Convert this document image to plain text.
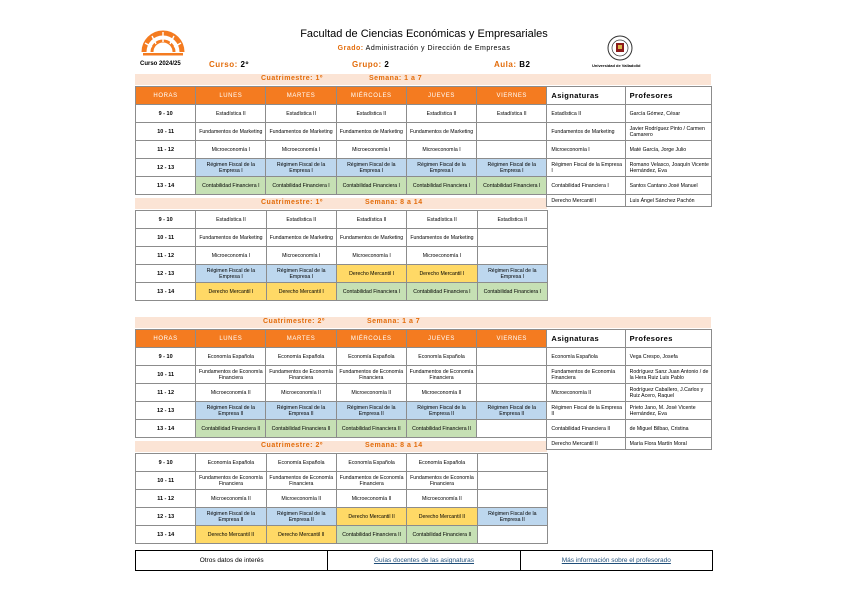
Curso 2024/25
Facultad de Ciencias Económicas y Empresariales
Grado: Administración y Dirección de Empresas
Curso: 2º	Grupo: 2	Aula: B2	Universidad de Valladolid
Cuatrimestre: 1º	Semana: 1 a 7
Cuatrimestre: 1º	Semana: 8 a 14
Cuatrimestre: 2º	Semana: 1 a 7
Cuatrimestre: 2º	Semana: 8 a 14
HORAS	LUNES	MARTES	MIÉRCOLES	JUEVES	VIERNES	Asignaturas	Profesores
9 - 10	Estadística II	Estadística II	Estadística II	Estadística II	Estadística II	Estadística II	García Gómez, César
10 - 11	Fundamentos de Marketing	Fundamentos de Marketing	Fundamentos de Marketing	Fundamentos de Marketing		Fundamentos de Marketing	Javier Rodríguez Pinto / Carmen Camarero
11 - 12	Microeconomía I	Microeconomía I	Microeconomía I	Microeconomía I		Microeconomía I	Maté García, Jorge Julio
12 - 13	Régimen Fiscal de la Empresa I	Régimen Fiscal de la Empresa I	Régimen Fiscal de la Empresa I	Régimen Fiscal de la Empresa I	Régimen Fiscal de la Empresa I	Régimen Fiscal de la Empresa I	Romano Velasco, Joaquín Vicente Hernández, Eva
13 - 14	Contabilidad Financiera I	Contabilidad Financiera I	Contabilidad Financiera I	Contabilidad Financiera I	Contabilidad Financiera I	Contabilidad Financiera I	Santos Cantano José Manuel
						Derecho Mercantil I	Luis Ángel Sánchez Pachón
9 - 10	Estadística II	Estadística II	Estadística II	Estadística II	Estadística II
10 - 11	Fundamentos de Marketing	Fundamentos de Marketing	Fundamentos de Marketing	Fundamentos de Marketing	
11 - 12	Microeconomía I	Microeconomía I	Microeconomía I	Microeconomía I	
12 - 13	Régimen Fiscal de la Empresa I	Régimen Fiscal de la Empresa I	Derecho Mercantil I	Derecho Mercantil I	Régimen Fiscal de la Empresa I
13 - 14	Derecho Mercantil I	Derecho Mercantil I	Contabilidad Financiera I	Contabilidad Financiera I	Contabilidad Financiera I
HORAS	LUNES	MARTES	MIÉRCOLES	JUEVES	VIERNES	Asignaturas	Profesores
9 - 10	Economía Española	Economía Española	Economía Española	Economía Española		Economía Española	Vega Crespo, Josefa
10 - 11	Fundamentos de Economía Financiera	Fundamentos de Economía Financiera	Fundamentos de Economía Financiera	Fundamentos de Economía Financiera		Fundamentos de Economía Financiera	Rodríguez Sanz Juan Antonio / de la Hera Ruiz Luis Pablo
11 - 12	Microeconomía II	Microeconomía II	Microeconomía II	Microeconomía II		Microeconomía II	Rodríguez Caballero, J.Carlos y Ruiz Acero, Raquel
12 - 13	Régimen Fiscal de la Empresa II	Régimen Fiscal de la Empresa II	Régimen Fiscal de la Empresa II	Régimen Fiscal de la Empresa II	Régimen Fiscal de la Empresa II	Régimen Fiscal de la Empresa II	Prieto Jano, M. José Vicente Hernández, Eva
13 - 14	Contabilidad Financiera II	Contabilidad Financiera II	Contabilidad Financiera II	Contabilidad Financiera II		Contabilidad Financiera II	de Miguel Bilbao, Cristina
						Derecho Mercantil II	María Flora Martín Moral
9 - 10	Economía Española	Economía Española	Economía Española	Economía Española	
10 - 11	Fundamentos de Economía Financiera	Fundamentos de Economía Financiera	Fundamentos de Economía Financiera	Fundamentos de Economía Financiera	
11 - 12	Microeconomía II	Microeconomía II	Microeconomía II	Microeconomía II	
12 - 13	Régimen Fiscal de la Empresa II	Régimen Fiscal de la Empresa II	Derecho Mercantil II	Derecho Mercantil II	Régimen Fiscal de la Empresa II
13 - 14	Derecho Mercantil II	Derecho Mercantil II	Contabilidad Financiera II	Contabilidad Financiera II	
Otros datos de interés	Guías docentes de las asignaturas	Más información sobre el profesorado
